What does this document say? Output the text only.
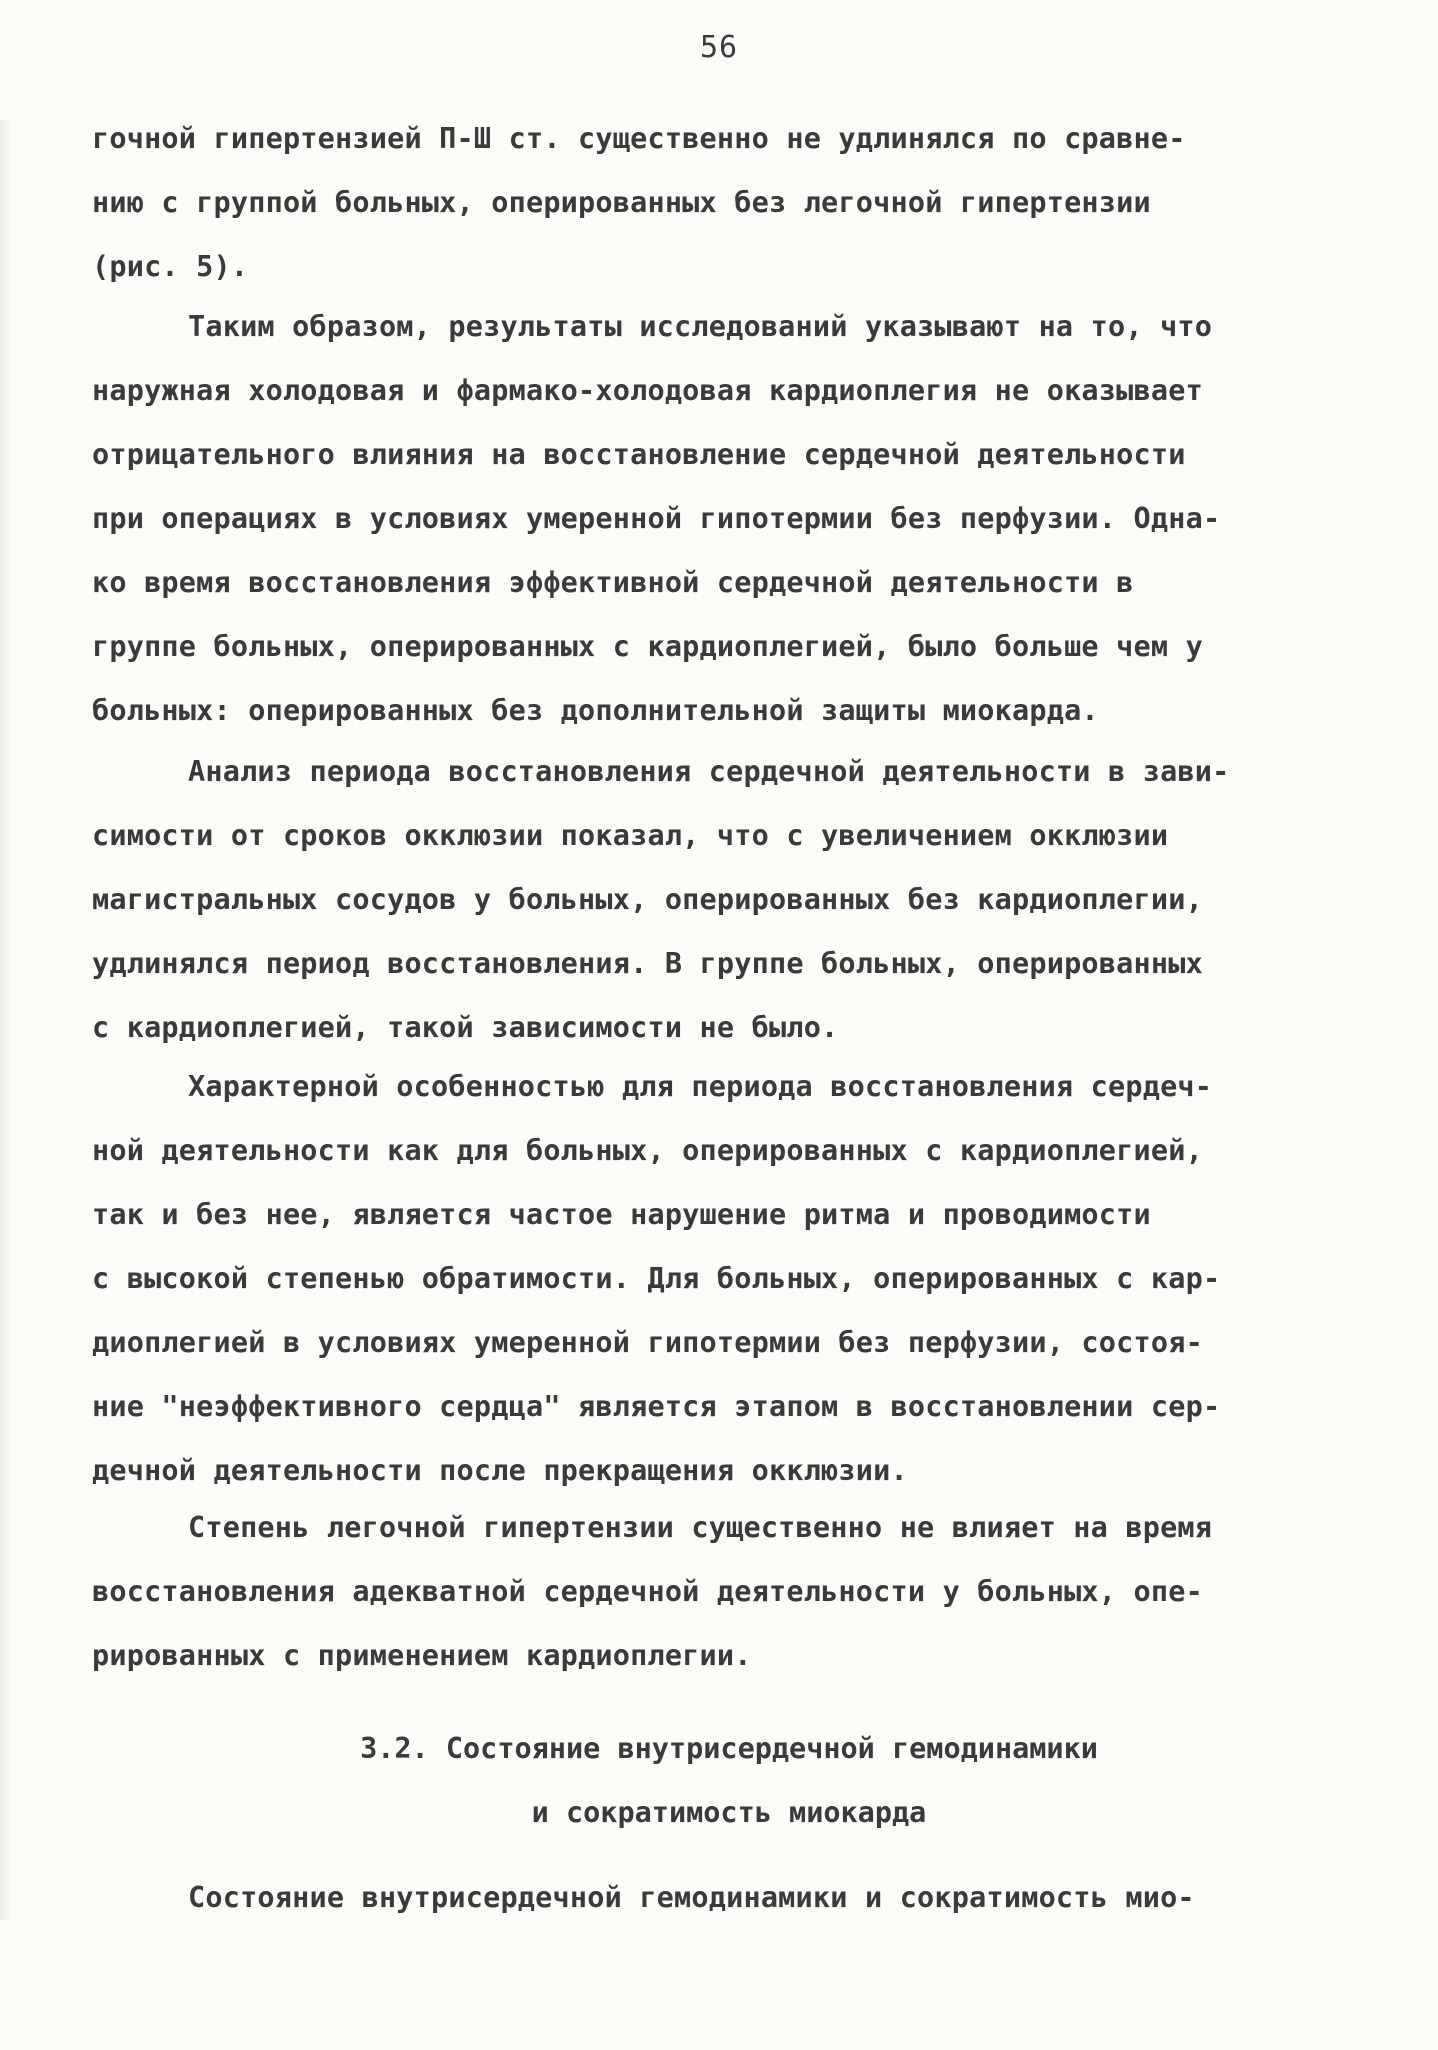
56
гочной гипертензией П-Ш ст. существенно не удлинялся по сравне-
нию с группой больных, оперированных без легочной гипертензии
(рис. 5).
Таким образом, результаты исследований указывают на то, что
наружная холодовая и фармако-холодовая кардиоплегия не оказывает
отрицательного влияния на восстановление сердечной деятельности
при операциях в условиях умеренной гипотермии без перфузии. Одна-
ко время восстановления эффективной сердечной деятельности в
группе больных, оперированных с кардиоплегией, было больше чем у
больных: оперированных без дополнительной защиты миокарда.
Анализ периода восстановления сердечной деятельности в зави-
симости от сроков окклюзии показал, что с увеличением окклюзии
магистральных сосудов у больных, оперированных без кардиоплегии,
удлинялся период восстановления. В группе больных, оперированных
с кардиоплегией, такой зависимости не было.
Характерной особенностью для периода восстановления сердеч-
ной деятельности как для больных, оперированных с кардиоплегией,
так и без нее, является частое нарушение ритма и проводимости
с высокой степенью обратимости. Для больных, оперированных с кар-
диоплегией в условиях умеренной гипотермии без перфузии, состоя-
ние "неэффективного сердца" является этапом в восстановлении сер-
дечной деятельности после прекращения окклюзии.
Степень легочной гипертензии существенно не влияет на время
восстановления адекватной сердечной деятельности у больных, опе-
рированных с применением кардиоплегии.
3.2. Состояние внутрисердечной гемодинамики
и сократимость миокарда
Состояние внутрисердечной гемодинамики и сократимость мио-
